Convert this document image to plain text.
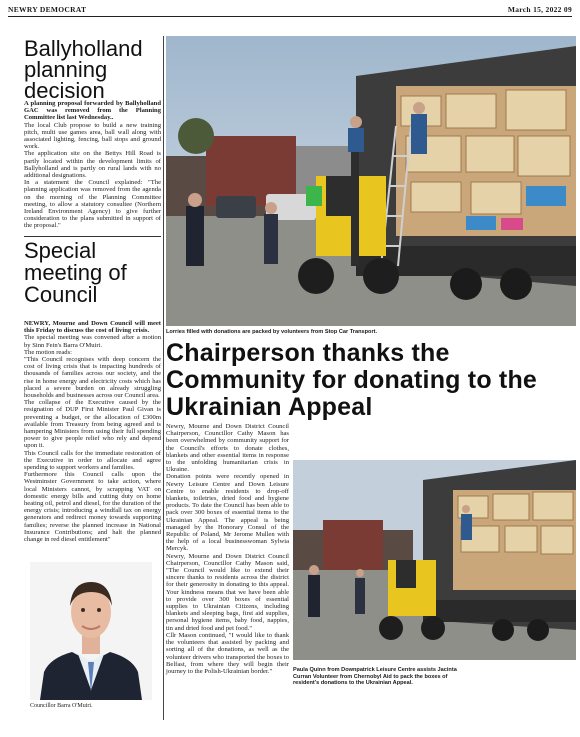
NEWRY DEMOCRAT	March 15, 2022 09
Ballyholland planning decision

A planning proposal forwarded by Ballyholland GAC was removed from the Planning Committee list last Wednesday..

The local Club propose to build a new training pitch, multi use games area, ball wall along with associated lighting, fencing, ball stops and ground work.

The application site on the Bettys Hill Road is partly located within the development limits of Ballyholland and is partly on rural lands with no additional designations.

In a statement the Council explained: "The planning application was removed from the agenda on the morning of the Planning Committee meeting, to allow a statutory consultee (Northern Ireland Environment Agency) to give further consideration to the plans submitted in support of the proposal."

Special meeting of Council

NEWRY, Mourne and Down Council will meet this Friday to discuss the cost of living crisis.

The special meeting was convened after a motion by Sinn Fein's Barra O'Muiri.

The motion reads:

"This Council recognises with deep concern the cost of living crisis that is impacting hundreds of thousands of families across our society, and the rise in home energy and electricity costs which has placed a severe burden on already struggling households and businesses across our Council area.

The collapse of the Executive caused by the resignation of DUP First Minister Paul Givan is preventing a budget, or the allocation of £300m available from Treasury from being agreed and is hampering Ministers from using their full spending power to give people relief who rely and depend upon it.

This Council calls for the immediate restoration of the Executive in order to allocate and agree spending to support workers and families.

Furthermore this Council calls upon the Westminster Government to take action, where local Ministers cannot, by scrapping VAT on domestic energy bills and cutting duty on home heating oil, petrol and diesel, for the duration of the energy crisis; introducing a windfall tax on energy generators and redirect money towards supporting families; reverse the planned increase in National Insurance Contributions; and halt the planned change in red diesel entitlement"

Councillor Barra O'Muiri.
Lorries filled with donations are packed by volunteers from Stop Car Transport.
Chairperson thanks the Community for donating to the Ukrainian Appeal

Newry, Mourne and Down District Council Chairperson, Councillor Cathy Mason has been overwhelmed by community support for the Council's efforts to donate clothes, blankets and other essential items in response to the unfolding humanitarian crisis in Ukraine.

Donation points were recently opened in Newry Leisure Centre and Down Leisure Centre to enable residents to drop-off blankets, toiletries, dried food and hygiene products. To date the Council has been able to pack over 300 boxes of essential items to the Ukrainian Appeal. The appeal is being managed by the Honorary Consul of the Republic of Poland, Mr Jerome Mullen with the help of a local businesswoman Sylwia Mercyk.

Newry, Mourne and Down District Council Chairperson, Councillor Cathy Mason said, "The Council would like to extend their sincere thanks to residents across the district for their generosity in donating to this appeal. Your kindness means that we have been able to provide over 300 boxes of essential supplies to Ukrainian Citizens, including blankets and sleeping bags, first aid supplies, personal hygiene items, baby food, nappies, tin and dried food and pet food."

Cllr Mason continued, "I would like to thank the volunteers that assisted by packing and sorting all of the donations, as well as the volunteer drivers who transported the boxes to Belfast, from where they will begin their journey to the Polish-Ukrainian border."	Paula Quinn from Downpatrick Leisure Centre assists Jacinta Curran Volunteer from Chernobyl Aid to pack the boxes of resident's donations to the Ukrainian Appeal.
